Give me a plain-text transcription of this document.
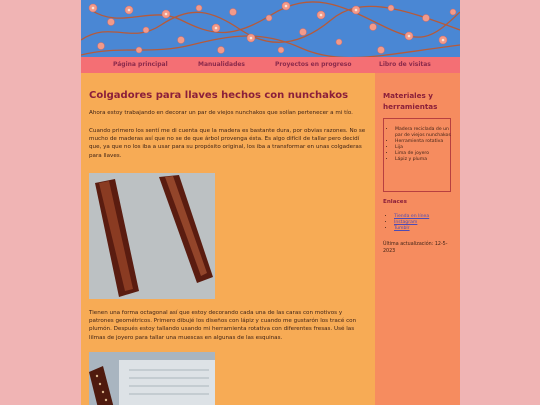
Página principal	Manualidades	Proyectos en progreso	Libro de visitas
Colgadores para llaves hechos con nunchakos

Ahora estoy trabajando en decorar un par de viejos nunchakos que solían pertenecer a mi tío.

Cuando primero los sentí me di cuenta que la madera es bastante dura, por obvias razones. No se mucho de maderas así que no se de que árbol provenga ésta. Es algo difícil de tallar pero decidí que, ya que no los iba a usar para su propósito original, los iba a transformar en unas colgaderas para llaves.

Tienen una forma octagonal así que estoy decorando cada una de las caras con motivos y patrones geométricos. Primero dibujé los diseños con lápiz y cuando me gustarón los tracé con plumón. Después estoy tallando usando mi herramienta rotativa con diferentes fresas. Usé las lilmas de joyero para tallar una muescas en algunas de las esquinas.

Materiales y herramientas
• Madera reciclada de un par de viejos nunchakos
• Herramienta rotativa
• Lija
• Lima de joyero
• Lápiz y pluma
Enlaces
• Tienda en línea
• Instagram
• Tumblr

Última actualización: 12-5-2023
